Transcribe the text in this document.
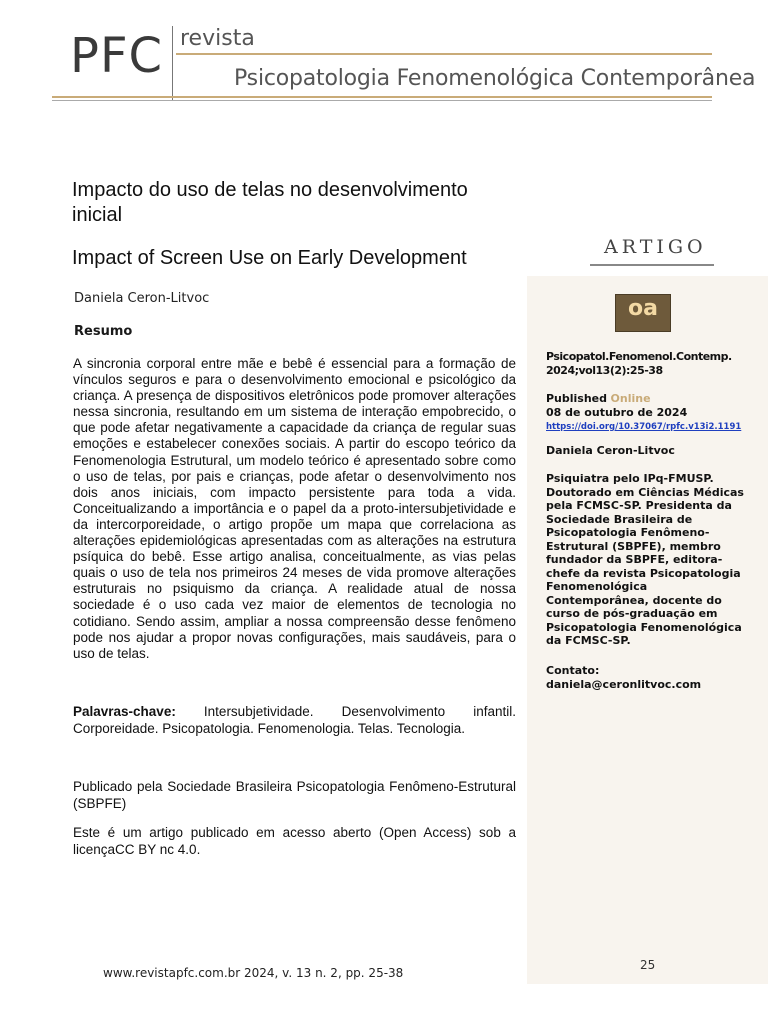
PFC revista
Psicopatologia Fenomenológica Contemporânea
ARTIGO
oa
Psicopatol.Fenomenol.Contemp. 2024;vol13(2):25-38
Published Online
08 de outubro de 2024
https://doi.org/10.37067/rpfc.v13i2.1191
Daniela Ceron-Litvoc
Psiquiatra pelo IPq-FMUSP. Doutorado em Ciências Médicas pela FCMSC-SP. Presidenta da Sociedade Brasileira de Psicopatologia Fenômeno-Estrutural (SBPFE), membro fundador da SBPFE, editora-chefe da revista Psicopatologia Fenomenológica Contemporânea, docente do curso de pós-graduação em Psicopatologia Fenomenológica da FCMSC-SP.
Contato:
daniela@ceronlitvoc.com
25
Impacto do uso de telas no desenvolvimento inicial
Impact of Screen Use on Early Development
Daniela Ceron-Litvoc
Resumo

A sincronia corporal entre mãe e bebê é essencial para a formação de vínculos seguros e para o desenvolvimento emocional e psicológico da criança. A presença de dispositivos eletrônicos pode promover alterações nessa sincronia, resultando em um sistema de interação empobrecido, o que pode afetar negativamente a capacidade da criança de regular suas emoções e estabelecer conexões sociais. A partir do escopo teórico da Fenomenologia Estrutural, um modelo teórico é apresentado sobre como o uso de telas, por pais e crianças, pode afetar o desenvolvimento nos dois anos iniciais, com impacto persistente para toda a vida. Conceitualizando a importância e o papel da a proto-intersubjetividade e da intercorporeidade, o artigo propõe um mapa que correlaciona as alterações epidemiológicas apresentadas com as alterações na estrutura psíquica do bebê. Esse artigo analisa, conceitualmente, as vias pelas quais o uso de tela nos primeiros 24 meses de vida promove alterações estruturais no psiquismo da criança. A realidade atual de nossa sociedade é o uso cada vez maior de elementos de tecnologia no cotidiano. Sendo assim, ampliar a nossa compreensão desse fenômeno pode nos ajudar a propor novas configurações, mais saudáveis, para o uso de telas.

Palavras-chave: Intersubjetividade. Desenvolvimento infantil. Corporeidade. Psicopatologia. Fenomenologia. Telas. Tecnologia.

Publicado pela Sociedade Brasileira Psicopatologia Fenômeno-Estrutural (SBPFE)

Este é um artigo publicado em acesso aberto (Open Access) sob a licençaCC BY nc 4.0.

www.revistapfc.com.br 2024, v. 13 n. 2, pp. 25-38
